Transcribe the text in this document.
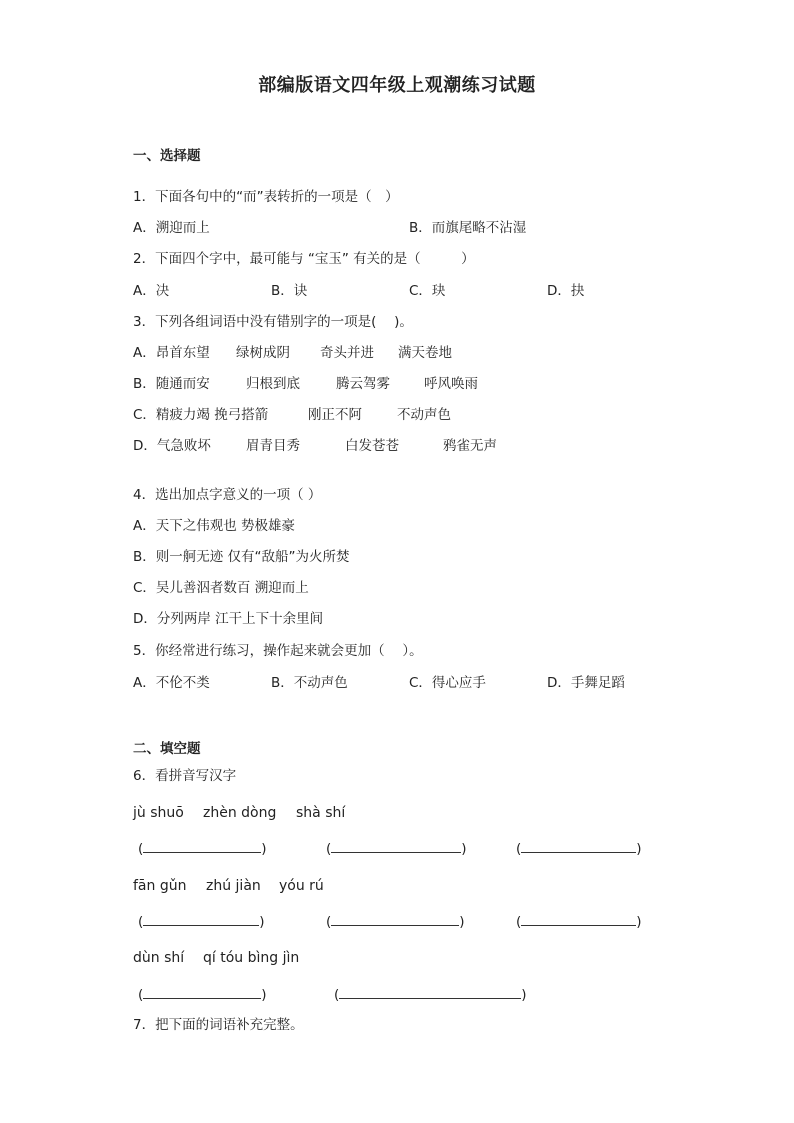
部编版语文四年级上观潮练习试题
一、选择题
1．下面各句中的“而”表转折的一项是（　）
A．溯迎而上	B．而旗尾略不沾湿
2．下面四个字中，最可能与 “宝玉” 有关的是（　　　）
A．决	B．诀	C．玦	D．抉
3．下列各组词语中没有错别字的一项是(　 )。
A．昂首东望 绿树成阴 奇头并进 满天卷地
B．随通而安	归根到底	腾云驾雾	呼风唤雨
C．精疲力竭 挽弓搭箭	刚正不阿	不动声色
D．气急败坏	眉青目秀	白发苍苍	鸦雀无声
4．选出加点字意义的一项（ ）
A．天下之伟观也 势极雄豪
B．则一舸无迹 仅有“敌船”为火所焚
C．吴儿善泅者数百 溯迎而上
D．分列两岸 江干上下十余里间
5．你经常进行练习，操作起来就会更加（　 ）。
A．不伦不类	B．不动声色	C．得心应手	D．手舞足蹈
二、填空题
6．看拼音写汉字
jù shuō zhèn dòng shà shí
(	)	(	)	(	)
fān gǔn zhú jiàn yóu rú
(	)	(	)	(	)
dùn shí qí tóu bìng jìn
(	)	(	)
7．把下面的词语补充完整。
